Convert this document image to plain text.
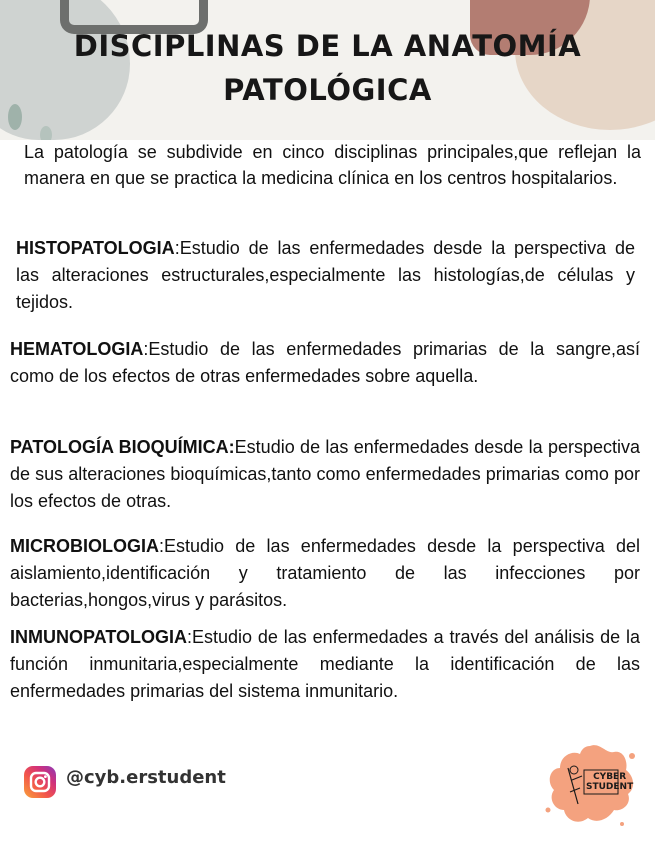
DISCIPLINAS DE LA ANATOMÍA
PATOLÓGICA

La patología se subdivide en cinco disciplinas principales,que reflejan la manera en que se practica la medicina clínica en los centros hospitalarios.

HISTOPATOLOGIA:Estudio de las enfermedades desde la perspectiva de las alteraciones estructurales,especialmente las histologías,de células y tejidos.

HEMATOLOGIA:Estudio de las enfermedades primarias de la sangre,así como de los efectos de otras enfermedades sobre aquella.

PATOLOGÍA BIOQUÍMICA:Estudio de las enfermedades desde la perspectiva de sus alteraciones bioquímicas,tanto como enfermedades primarias como por los efectos de otras.

MICROBIOLOGIA:Estudio de las enfermedades desde la perspectiva del aislamiento,identificación y tratamiento de las infecciones por bacterias,hongos,virus y parásitos.

INMUNOPATOLOGIA:Estudio de las enfermedades a través del análisis de la función inmunitaria,especialmente mediante la identificación de las enfermedades primarias del sistema inmunitario.

@cyb.erstudent	CYBER
STUDENT
